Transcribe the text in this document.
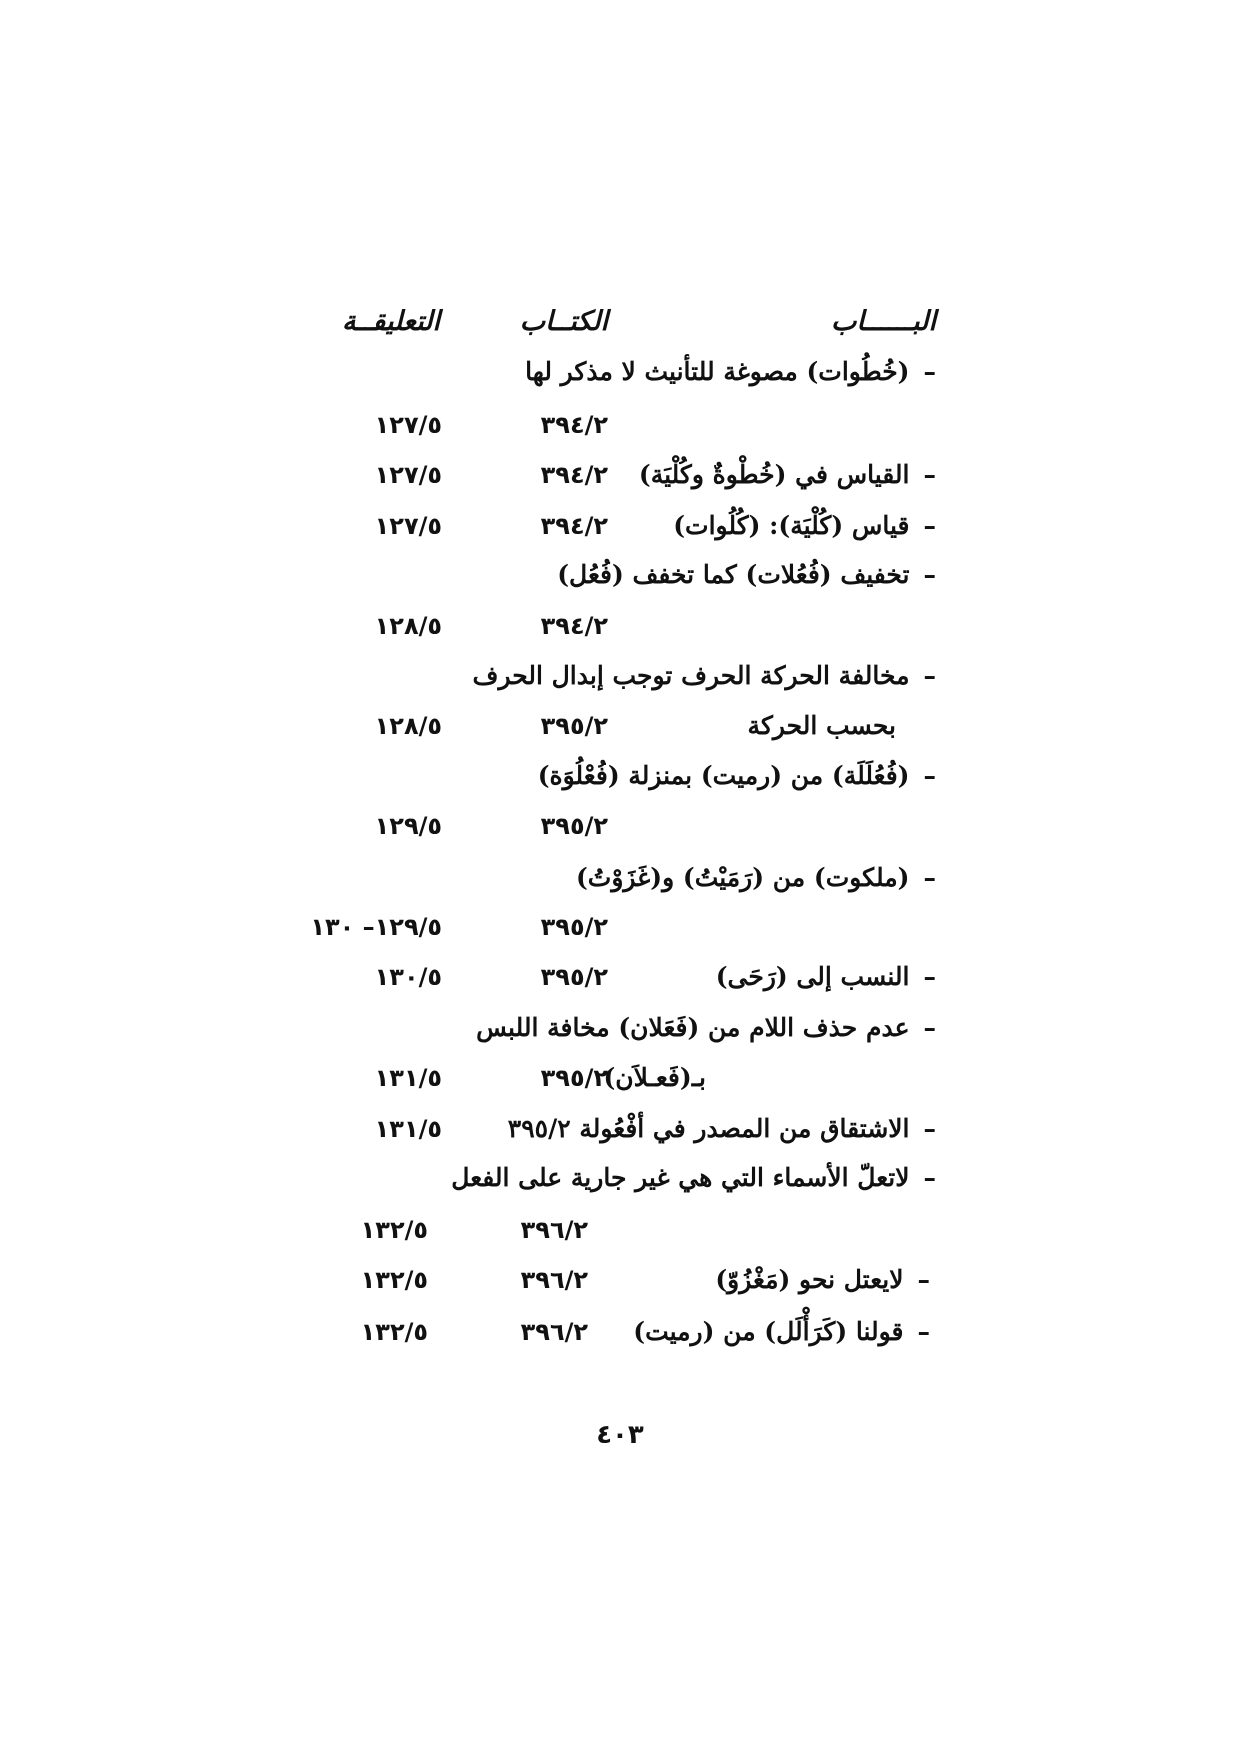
البــــــاب
الكتــاب
التعليقــة
–(خُطُوات) مصوغة للتأنيث لا مذكر لها
٣٩٤/٢
١٢٧/٥
–القياس في (خُطْوةٌ وكُلْيَة)
٣٩٤/٢
١٢٧/٥
–قياس (كُلْيَة): (كُلُوات)
٣٩٤/٢
١٢٧/٥
–تخفيف (فُعُلات) كما تخفف (فُعُل)
٣٩٤/٢
١٢٨/٥
–مخالفة الحركة الحرف توجب إبدال الحرف
بحسب الحركة
٣٩٥/٢
١٢٨/٥
–(فُعُلَلَة) من (رميت) بمنزلة (فُعْلُوَة)
٣٩٥/٢
١٢٩/٥
–(ملكوت) من (رَمَيْتُ) و(غَزَوْتُ)
٣٩٥/٢
١٢٩/٥– ١٣٠
–النسب إلى (رَحَى)
٣٩٥/٢
١٣٠/٥
–عدم حذف اللام من (فَعَلان) مخافة اللبس
بـ(فَعـلاَن)
٣٩٥/٢
١٣١/٥
–الاشتقاق من المصدر في أفْعُولة ٣٩٥/٢
١٣١/٥
–لاتعلّ الأسماء التي هي غير جارية على الفعل
٣٩٦/٢
١٣٢/٥
–لايعتل نحو (مَغْزُوّ)
٣٩٦/٢
١٣٢/٥
–قولنا (كَرَأْلَل) من (رميت)
٣٩٦/٢
١٣٢/٥
٤٠٣
